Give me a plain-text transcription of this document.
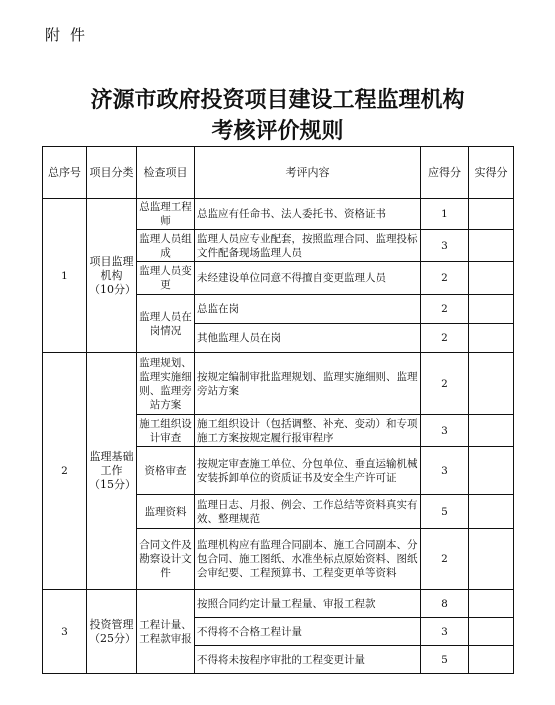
附件
济源市政府投资项目建设工程监理机构
考核评价规则
总序号	项目分类	检查项目	考评内容	应得分	实得分
1	项目监理机构（10分）	总监理工程师	总监应有任命书、法人委托书、资格证书	1	
		监理人员组成	监理人员应专业配套，按照监理合同、监理投标文件配备现场监理人员	3	
		监理人员变更	未经建设单位同意不得擅自变更监理人员	2	
		监理人员在岗情况	总监在岗	2	
			其他监理人员在岗	2	
2	监理基础工作（15分）	监理规划、监理实施细则、监理旁站方案	按规定编制审批监理规划、监理实施细则、监理旁站方案	2	
		施工组织设计审查	施工组织设计（包括调整、补充、变动）和专项施工方案按规定履行报审程序	3	
		资格审查	按规定审查施工单位、分包单位、垂直运输机械安装拆卸单位的资质证书及安全生产许可证	3	
		监理资料	监理日志、月报、例会、工作总结等资料真实有效、整理规范	5	
		合同文件及勘察设计文件	监理机构应有监理合同副本、施工合同副本、分包合同、施工图纸、水准坐标点原始资料、图纸会审纪要、工程预算书、工程变更单等资料	2	
3	投资管理（25分）	工程计量、工程款审报	按照合同约定计量工程量、审报工程款	8	
			不得将不合格工程计量	3	
			不得将未按程序审批的工程变更计量	5	
